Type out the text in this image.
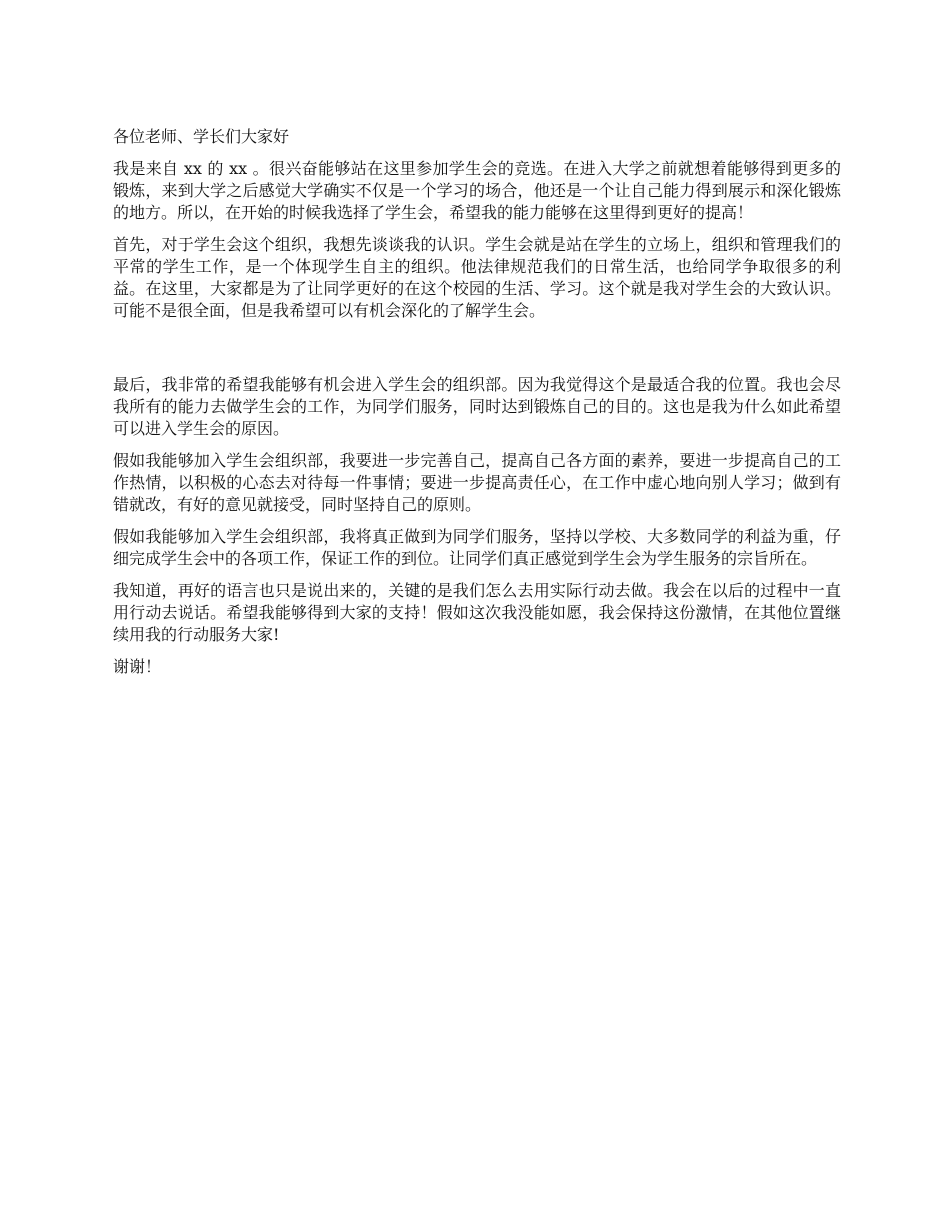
各位老师、学长们大家好

我是来自 xx 的 xx 。很兴奋能够站在这里参加学生会的竞选。在进入大学之前就想着能够得到更多的锻炼，来到大学之后感觉大学确实不仅是一个学习的场合，他还是一个让自己能力得到展示和深化锻炼的地方。所以，在开始的时候我选择了学生会，希望我的能力能够在这里得到更好的提高！

首先，对于学生会这个组织，我想先谈谈我的认识。学生会就是站在学生的立场上，组织和管理我们的平常的学生工作，是一个体现学生自主的组织。他法律规范我们的日常生活，也给同学争取很多的利益。在这里，大家都是为了让同学更好的在这个校园的生活、学习。这个就是我对学生会的大致认识。可能不是很全面，但是我希望可以有机会深化的了解学生会。

最后，我非常的希望我能够有机会进入学生会的组织部。因为我觉得这个是最适合我的位置。我也会尽我所有的能力去做学生会的工作，为同学们服务，同时达到锻炼自己的目的。这也是我为什么如此希望可以进入学生会的原因。

假如我能够加入学生会组织部，我要进一步完善自己，提高自己各方面的素养，要进一步提高自己的工作热情，以积极的心态去对待每一件事情；要进一步提高责任心，在工作中虚心地向别人学习；做到有错就改，有好的意见就接受，同时坚持自己的原则。

假如我能够加入学生会组织部，我将真正做到为同学们服务，坚持以学校、大多数同学的利益为重，仔细完成学生会中的各项工作，保证工作的到位。让同学们真正感觉到学生会为学生服务的宗旨所在。

我知道，再好的语言也只是说出来的，关键的是我们怎么去用实际行动去做。我会在以后的过程中一直用行动去说话。希望我能够得到大家的支持！假如这次我没能如愿，我会保持这份激情，在其他位置继续用我的行动服务大家!

谢谢！
